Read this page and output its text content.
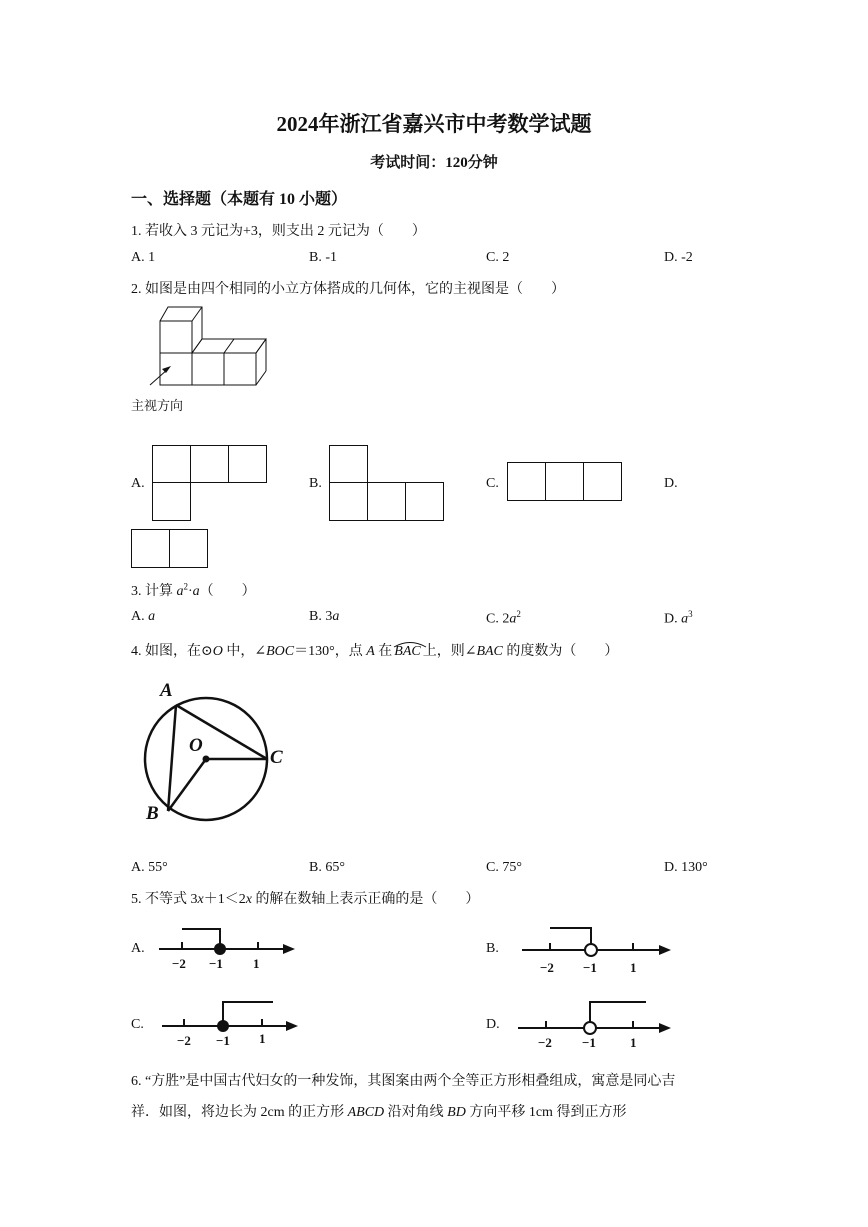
2024年浙江省嘉兴市中考数学试题
考试时间：120分钟
一、选择题（本题有 10 小题）
1. 若收入 3 元记为+3，则支出 2 元记为（　　）
A. 1	B. -1	C. 2	D. -2
2. 如图是由四个相同的小立方体搭成的几何体，它的主视图是（　　）
主视方向
A.	B.	C.	D.
3. 计算 $a^2\cdot a$（　　）
A. a	B. 3a	C. $2a^2$	D. $a^3$
4. 如图，在⊙O 中，∠BOC＝130°，点 A 在 BAC 上，则∠BAC 的度数为（　　）
A
O
C
B
A. 55°	B. 65°	C. 75°	D. 130°
5. 不等式 3x＋1＜2x 的解在数轴上表示正确的是（　　）
A.
−2 −1 1
B.
−2 −1	1
C.
−2 −1 1
D.
−2 −1	1
6. “方胜”是中国古代妇女的一种发饰，其图案由两个全等正方形相叠组成，寓意是同心吉
祥．如图，将边长为 2cm 的正方形 ABCD 沿对角线 BD 方向平移 1cm 得到正方形
